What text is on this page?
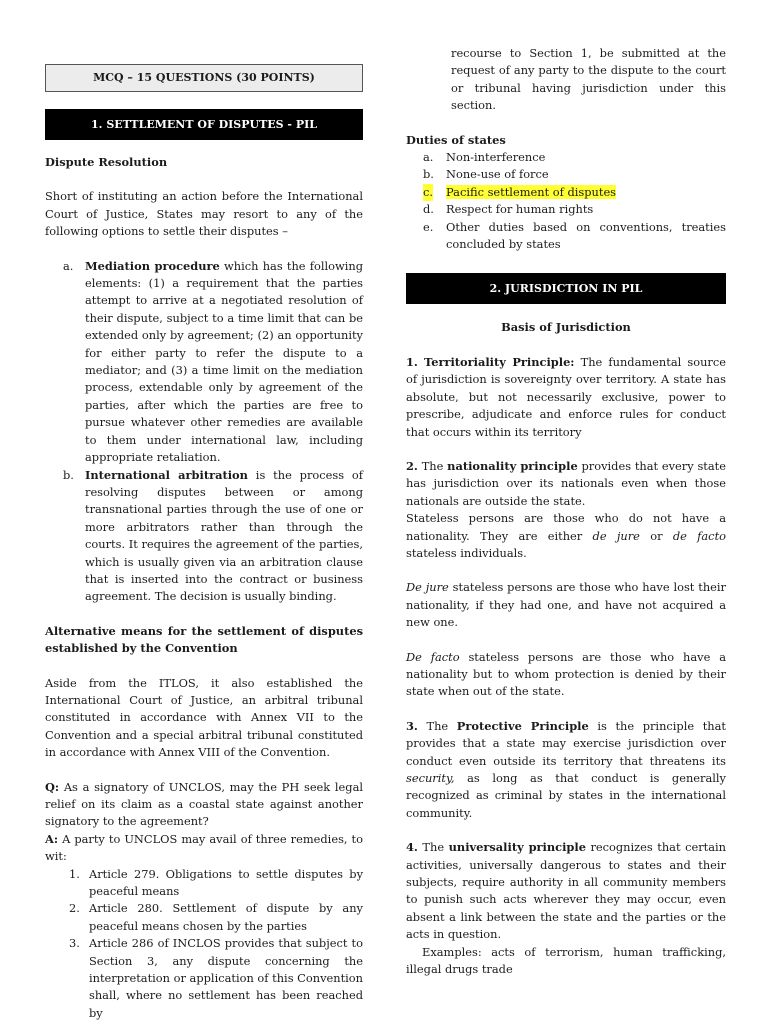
MCQ – 15 QUESTIONS (30 POINTS)
1. SETTLEMENT OF DISPUTES - PIL

Dispute Resolution

Short of instituting an action before the International Court of Justice, States may resort to any of the following options to settle their disputes –

a. Mediation procedure which has the following elements: (1) a requirement that the parties attempt to arrive at a negotiated resolution of their dispute, subject to a time limit that can be extended only by agreement; (2) an opportunity for either party to refer the dispute to a mediator; and (3) a time limit on the mediation process, extendable only by agreement of the parties, after which the parties are free to pursue whatever other remedies are available to them under international law, including appropriate retaliation.

b. International arbitration is the process of resolving disputes between or among transnational parties through the use of one or more arbitrators rather than through the courts. It requires the agreement of the parties, which is usually given via an arbitration clause that is inserted into the contract or business agreement. The decision is usually binding.

Alternative means for the settlement of disputes established by the Convention

Aside from the ITLOS, it also established the International Court of Justice, an arbitral tribunal constituted in accordance with Annex VII to the Convention and a special arbitral tribunal constituted in accordance with Annex VIII of the Convention.

Q: As a signatory of UNCLOS, may the PH seek legal relief on its claim as a coastal state against another signatory to the agreement?

A: A party to UNCLOS may avail of three remedies, to wit:

1. Article 279. Obligations to settle disputes by peaceful means

2. Article 280. Settlement of dispute by any peaceful means chosen by the parties

3. Article 286 of INCLOS provides that subject to Section 3, any dispute concerning the interpretation or application of this Convention shall, where no settlement has been reached by

recourse to Section 1, be submitted at the request of any party to the dispute to the court or tribunal having jurisdiction under this section.

Duties of states

a. Non-interference
b. None-use of force
c. Pacific settlement of disputes
d. Respect for human rights
e. Other duties based on conventions, treaties concluded by states

2. JURISDICTION IN PIL

Basis of Jurisdiction

1. Territoriality Principle: The fundamental source of jurisdiction is sovereignty over territory. A state has absolute, but not necessarily exclusive, power to prescribe, adjudicate and enforce rules for conduct that occurs within its territory

2. The nationality principle provides that every state has jurisdiction over its nationals even when those nationals are outside the state.

Stateless persons are those who do not have a nationality. They are either de jure or de facto stateless individuals.

De jure stateless persons are those who have lost their nationality, if they had one, and have not acquired a new one.

De facto stateless persons are those who have a nationality but to whom protection is denied by their state when out of the state.

3. The Protective Principle is the principle that provides that a state may exercise jurisdiction over conduct even outside its territory that threatens its security, as long as that conduct is generally recognized as criminal by states in the international community.

4. The universality principle recognizes that certain activities, universally dangerous to states and their subjects, require authority in all community members to punish such acts wherever they may occur, even absent a link between the state and the parties or the acts in question.

Examples: acts of terrorism, human trafficking, illegal drugs trade
